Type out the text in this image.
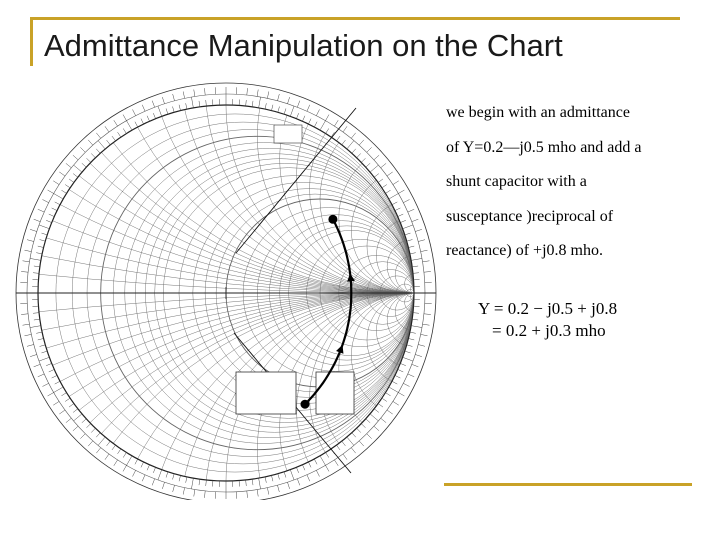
Admittance Manipulation on the Chart

we begin with an admittance

of Y=0.2—j0.5 mho and add a

shunt capacitor with a

susceptance )reciprocal of

reactance) of +j0.8 mho.

Y = 0.2 − j0.5 + j0.8
= 0.2 + j0.3 mho
